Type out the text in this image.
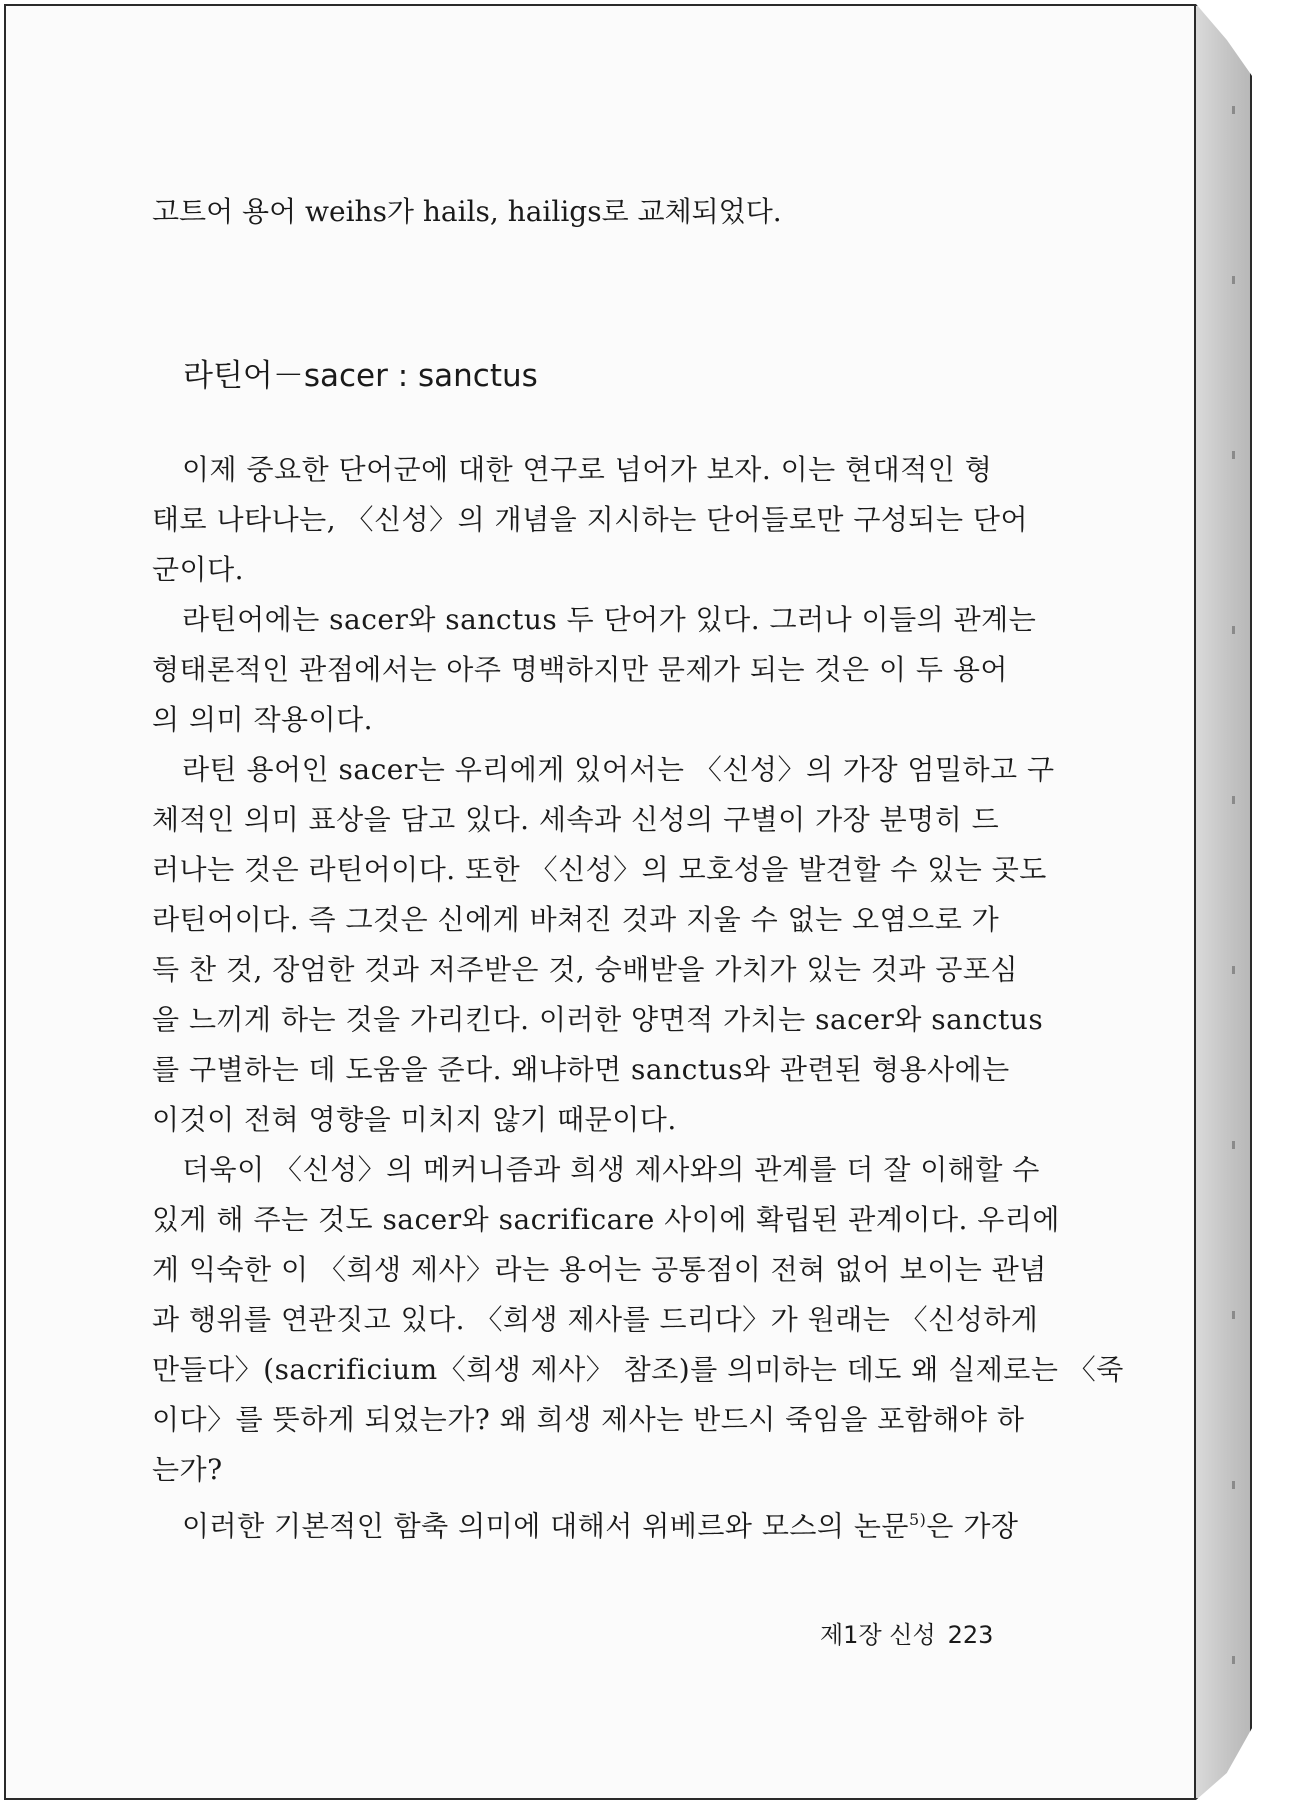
고트어 용어 weihs가 hails, hailigs로 교체되었다.
라틴어－sacer : sanctus
이제 중요한 단어군에 대한 연구로 넘어가 보자. 이는 현대적인 형
태로 나타나는, 〈신성〉의 개념을 지시하는 단어들로만 구성되는 단어
군이다.
라틴어에는 sacer와 sanctus 두 단어가 있다. 그러나 이들의 관계는
형태론적인 관점에서는 아주 명백하지만 문제가 되는 것은 이 두 용어
의 의미 작용이다.
라틴 용어인 sacer는 우리에게 있어서는 〈신성〉의 가장 엄밀하고 구
체적인 의미 표상을 담고 있다. 세속과 신성의 구별이 가장 분명히 드
러나는 것은 라틴어이다. 또한 〈신성〉의 모호성을 발견할 수 있는 곳도
라틴어이다. 즉 그것은 신에게 바쳐진 것과 지울 수 없는 오염으로 가
득 찬 것, 장엄한 것과 저주받은 것, 숭배받을 가치가 있는 것과 공포심
을 느끼게 하는 것을 가리킨다. 이러한 양면적 가치는 sacer와 sanctus
를 구별하는 데 도움을 준다. 왜냐하면 sanctus와 관련된 형용사에는
이것이 전혀 영향을 미치지 않기 때문이다.
더욱이 〈신성〉의 메커니즘과 희생 제사와의 관계를 더 잘 이해할 수
있게 해 주는 것도 sacer와 sacrificare 사이에 확립된 관계이다. 우리에
게 익숙한 이 〈희생 제사〉라는 용어는 공통점이 전혀 없어 보이는 관념
과 행위를 연관짓고 있다. 〈희생 제사를 드리다〉가 원래는 〈신성하게
만들다〉(sacrificium〈희생 제사〉 참조)를 의미하는 데도 왜 실제로는 〈죽
이다〉를 뜻하게 되었는가? 왜 희생 제사는 반드시 죽임을 포함해야 하
는가?
이러한 기본적인 함축 의미에 대해서 위베르와 모스의 논문$^{5)}$은 가장
제1장 신성 223
